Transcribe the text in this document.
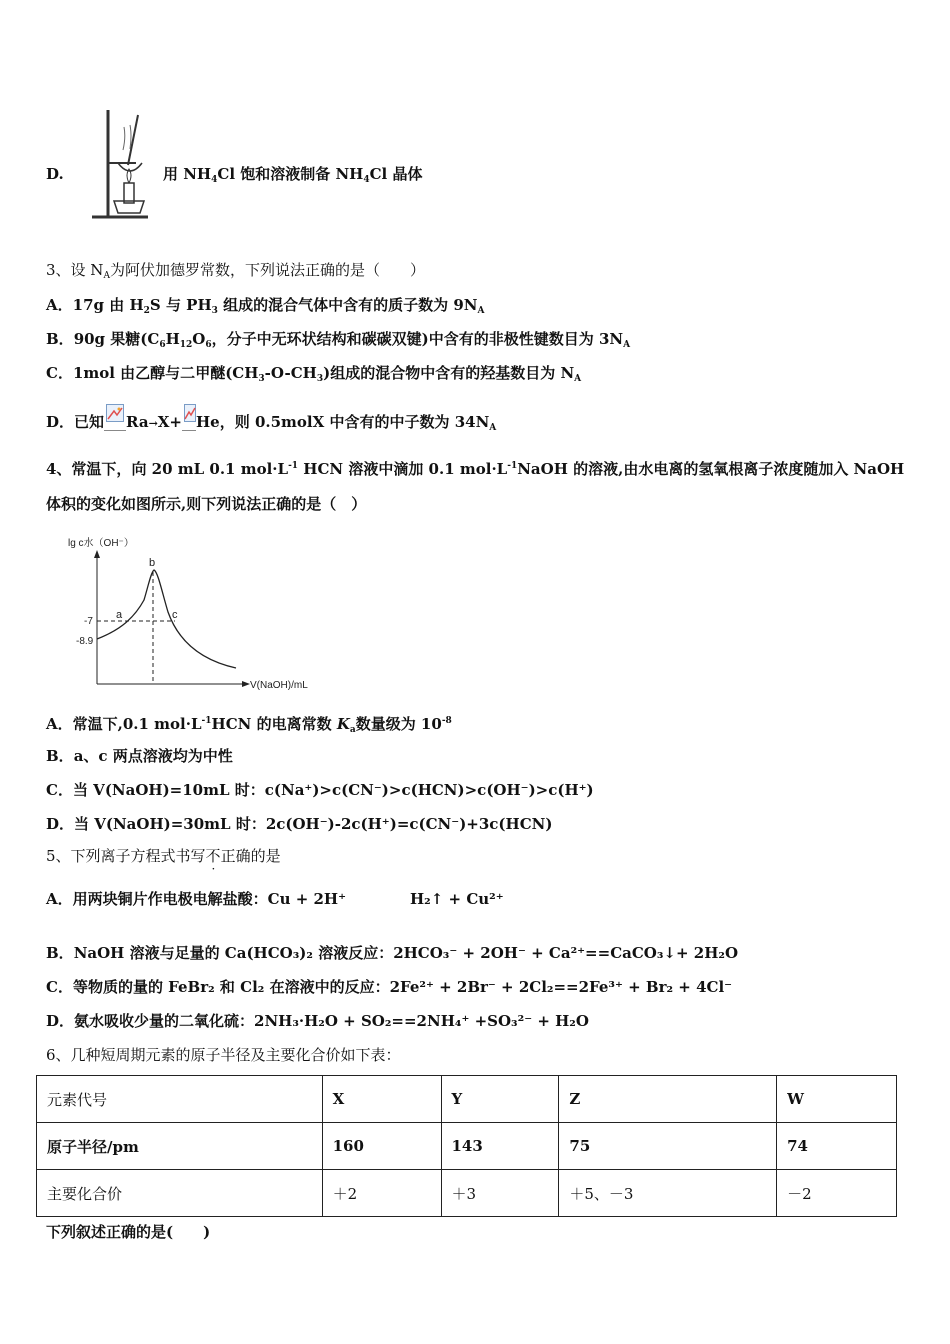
D.	用 $NH_4Cl$ 饱和溶液制备 $NH_4Cl$ 晶体
3、设 $N_A$为阿伏加德罗常数，下列说法正确的是（　　）
A．17g 由 $H_2S$ 与 $PH_3$ 组成的混合气体中含有的质子数为 $9N_A$
B．90g 果糖($C_6H_{12}O_6$，分子中无环状结构和碳碳双键)中含有的非极性键数目为 $3N_A$
C．1mol 由乙醇与二甲醚$(CH_3-O-CH_3)$组成的混合物中含有的羟基数目为 $N_A$
D．已知 Ra→X+ He，则 0.5molX 中含有的中子数为 $34N_A$
4、常温下，向 20 mL 0.1 $mol\cdot L^{-1}$ HCN 溶液中滴加 0.1 $mol\cdot L^{-1}NaOH$ 的溶液,由水电离的氢氧根离子浓度随加入 NaOH
体积的变化如图所示,则下列说法正确的是（　）
lg c水（OH⁻）
V(NaOH)/mL
-7
-8.9
a
b
c
A．常温下,0.1 $mol\cdot L^{-1}HCN$ 的电离常数 $K_a$数量级为 $10^{-8}$
B．a、c 两点溶液均为中性
C．当 V(NaOH)=10mL 时：c(Na⁺)>c(CN⁻)>c(HCN)>c(OH⁻)>c(H⁺)
D．当 V(NaOH)=30mL 时：2c(OH⁻)-2c(H⁺)=c(CN⁻)+3c(HCN)
5、下列离子方程式书写不正确的是
A．用两块铜片作电极电解盐酸：Cu + 2H⁺	H₂↑ + Cu²⁺
B．NaOH 溶液与足量的 Ca(HCO₃)₂ 溶液反应：2HCO₃⁻ + 2OH⁻ + Ca²⁺==CaCO₃↓+ 2H₂O
C．等物质的量的 FeBr₂ 和 Cl₂ 在溶液中的反应：2Fe²⁺ + 2Br⁻ + 2Cl₂==2Fe³⁺ + Br₂ + 4Cl⁻
D．氨水吸收少量的二氧化硫：2NH₃·H₂O + SO₂==2NH₄⁺ +SO₃²⁻ + H₂O
6、几种短周期元素的原子半径及主要化合价如下表：
元素代号	X	Y	Z	W
原子半径/pm	160	143	75	74
主要化合价	＋2	＋3	＋5、－3	－2
下列叙述正确的是(　　)
